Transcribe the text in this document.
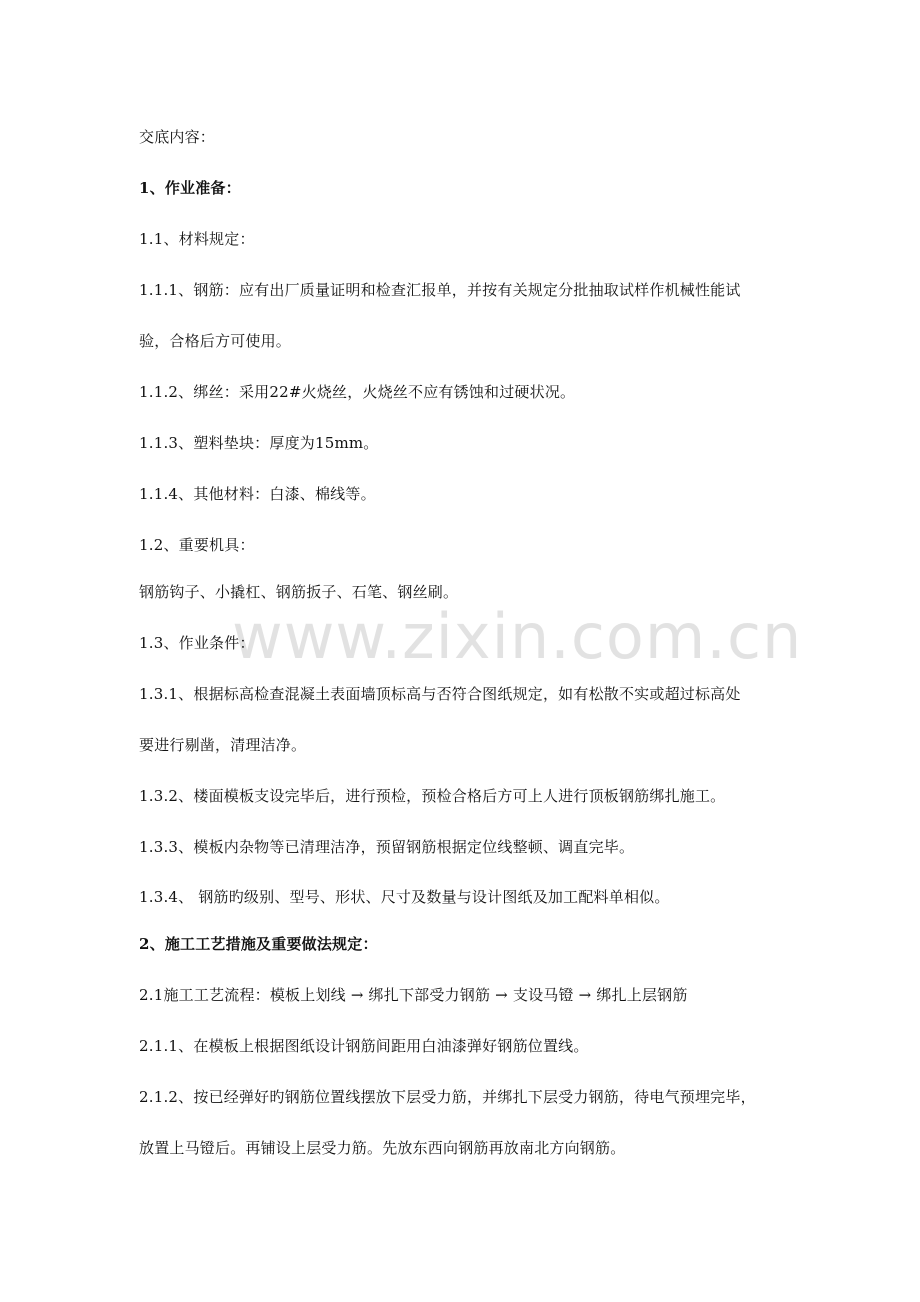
www.zixin.com.cn
交底内容：
1、作业准备：
1.1、材料规定：
1.1.1、钢筋：应有出厂质量证明和检查汇报单，并按有关规定分批抽取试样作机械性能试
验，合格后方可使用。
1.1.2、绑丝：采用22#火烧丝，火烧丝不应有锈蚀和过硬状况。
1.1.3、塑料垫块：厚度为15mm。
1.1.4、其他材料：白漆、棉线等。
1.2、重要机具：
钢筋钩子、小撬杠、钢筋扳子、石笔、钢丝刷。
1.3、作业条件：
1.3.1、根据标高检查混凝土表面墙顶标高与否符合图纸规定，如有松散不实或超过标高处
要进行剔凿，清理洁净。
1.3.2、楼面模板支设完毕后，进行预检，预检合格后方可上人进行顶板钢筋绑扎施工。
1.3.3、模板内杂物等已清理洁净，预留钢筋根据定位线整顿、调直完毕。
1.3.4、 钢筋旳级别、型号、形状、尺寸及数量与设计图纸及加工配料单相似。
2、施工工艺措施及重要做法规定：
2.1施工工艺流程：模板上划线 → 绑扎下部受力钢筋 → 支设马镫 → 绑扎上层钢筋
2.1.1、在模板上根据图纸设计钢筋间距用白油漆弹好钢筋位置线。
2.1.2、按已经弹好旳钢筋位置线摆放下层受力筋，并绑扎下层受力钢筋，待电气预埋完毕，
放置上马镫后。再铺设上层受力筋。先放东西向钢筋再放南北方向钢筋。
